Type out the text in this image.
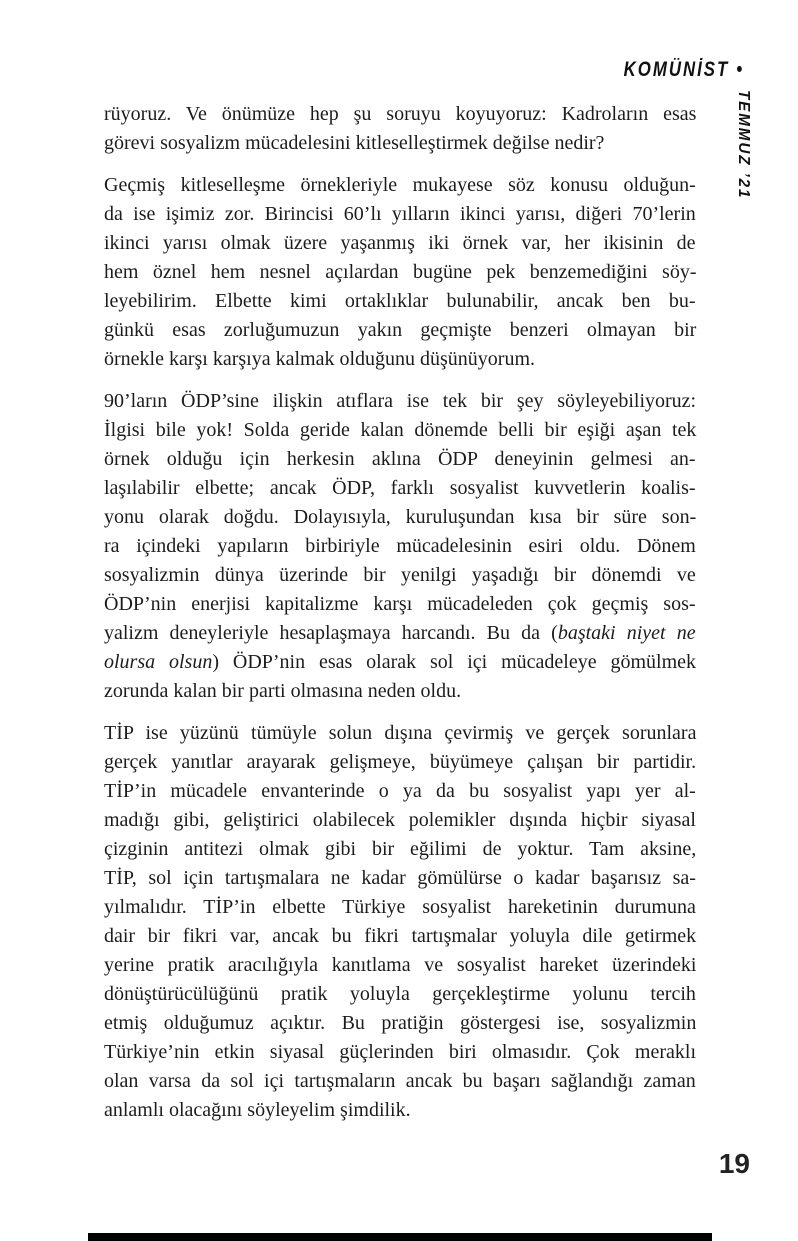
KOMÜNİST •
TEMMUZ ’21

rüyoruz. Ve önümüze hep şu soruyu koyuyoruz: Kadroların esas
görevi sosyalizm mücadelesini kitleselleştirmek değilse nedir?

Geçmiş kitleselleşme örnekleriyle mukayese söz konusu olduğun-
da ise işimiz zor. Birincisi 60’lı yılların ikinci yarısı, diğeri 70’lerin
ikinci yarısı olmak üzere yaşanmış iki örnek var, her ikisinin de
hem öznel hem nesnel açılardan bugüne pek benzemediğini söy-
leyebilirim. Elbette kimi ortaklıklar bulunabilir, ancak ben bu-
günkü esas zorluğumuzun yakın geçmişte benzeri olmayan bir
örnekle karşı karşıya kalmak olduğunu düşünüyorum.

90’ların ÖDP’sine ilişkin atıflara ise tek bir şey söyleyebiliyoruz:
İlgisi bile yok! Solda geride kalan dönemde belli bir eşiği aşan tek
örnek olduğu için herkesin aklına ÖDP deneyinin gelmesi an-
laşılabilir elbette; ancak ÖDP, farklı sosyalist kuvvetlerin koalis-
yonu olarak doğdu. Dolayısıyla, kuruluşundan kısa bir süre son-
ra içindeki yapıların birbiriyle mücadelesinin esiri oldu. Dönem
sosyalizmin dünya üzerinde bir yenilgi yaşadığı bir dönemdi ve
ÖDP’nin enerjisi kapitalizme karşı mücadeleden çok geçmiş sos-
yalizm deneyleriyle hesaplaşmaya harcandı. Bu da (baştaki niyet ne
olursa olsun) ÖDP’nin esas olarak sol içi mücadeleye gömülmek
zorunda kalan bir parti olmasına neden oldu.

TİP ise yüzünü tümüyle solun dışına çevirmiş ve gerçek sorunlara
gerçek yanıtlar arayarak gelişmeye, büyümeye çalışan bir partidir.
TİP’in mücadele envanterinde o ya da bu sosyalist yapı yer al-
madığı gibi, geliştirici olabilecek polemikler dışında hiçbir siyasal
çizginin antitezi olmak gibi bir eğilimi de yoktur. Tam aksine,
TİP, sol için tartışmalara ne kadar gömülürse o kadar başarısız sa-
yılmalıdır. TİP’in elbette Türkiye sosyalist hareketinin durumuna
dair bir fikri var, ancak bu fikri tartışmalar yoluyla dile getirmek
yerine pratik aracılığıyla kanıtlama ve sosyalist hareket üzerindeki
dönüştürücülüğünü pratik yoluyla gerçekleştirme yolunu tercih
etmiş olduğumuz açıktır. Bu pratiğin göstergesi ise, sosyalizmin
Türkiye’nin etkin siyasal güçlerinden biri olmasıdır. Çok meraklı
olan varsa da sol içi tartışmaların ancak bu başarı sağlandığı zaman
anlamlı olacağını söyleyelim şimdilik.

19
